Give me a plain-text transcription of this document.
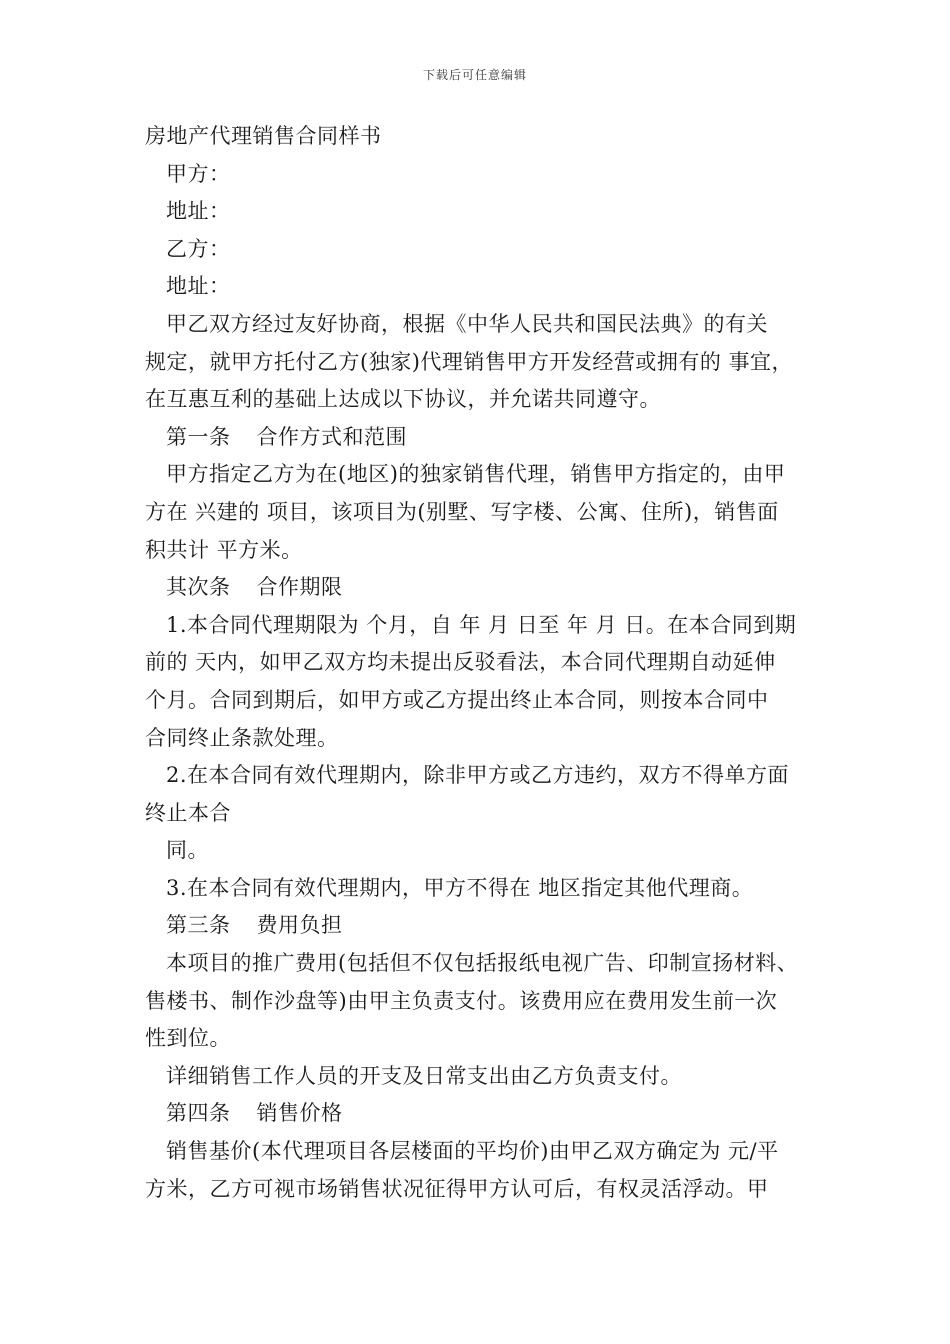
下载后可任意编辑
房地产代理销售合同样书
甲方：
地址：
乙方：
地址：
甲乙双方经过友好协商，根据《中华人民共和国民法典》的有关
规定，就甲方托付乙方(独家)代理销售甲方开发经营或拥有的 事宜，
在互惠互利的基础上达成以下协议，并允诺共同遵守。
第一条 合作方式和范围
甲方指定乙方为在(地区)的独家销售代理，销售甲方指定的，由甲
方在 兴建的 项目，该项目为(别墅、写字楼、公寓、住所)，销售面
积共计 平方米。
其次条 合作期限
1.本合同代理期限为 个月，自 年 月 日至 年 月 日。在本合同到期
前的 天内，如甲乙双方均未提出反驳看法，本合同代理期自动延伸
个月。合同到期后，如甲方或乙方提出终止本合同，则按本合同中
合同终止条款处理。
2.在本合同有效代理期内，除非甲方或乙方违约，双方不得单方面
终止本合
同。
3.在本合同有效代理期内，甲方不得在 地区指定其他代理商。
第三条 费用负担
本项目的推广费用(包括但不仅包括报纸电视广告、印制宣扬材料、
售楼书、制作沙盘等)由甲主负责支付。该费用应在费用发生前一次
性到位。
详细销售工作人员的开支及日常支出由乙方负责支付。
第四条 销售价格
销售基价(本代理项目各层楼面的平均价)由甲乙双方确定为 元/平
方米，乙方可视市场销售状况征得甲方认可后，有权灵活浮动。甲
